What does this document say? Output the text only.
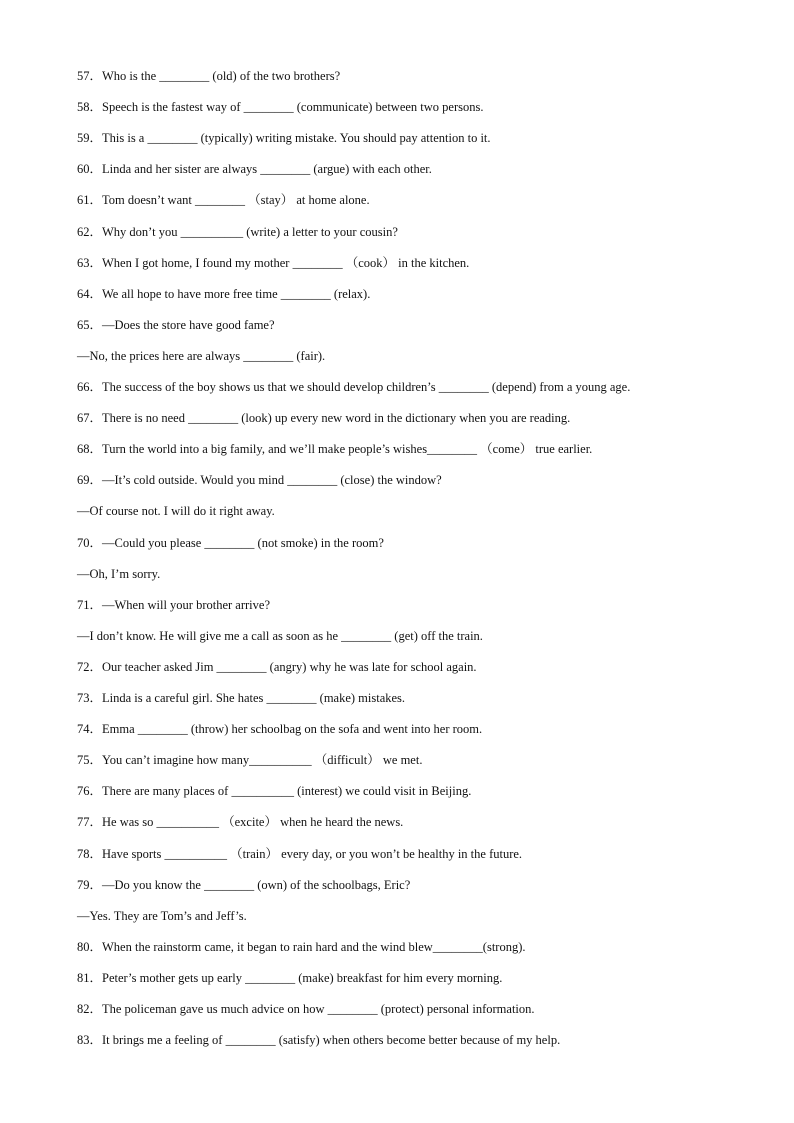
57．Who is the ________ (old) of the two brothers?
58．Speech is the fastest way of ________ (communicate) between two persons.
59．This is a ________ (typically) writing mistake. You should pay attention to it.
60．Linda and her sister are always ________ (argue) with each other.
61．Tom doesn’t want ________ （stay） at home alone.
62．Why don’t you __________ (write) a letter to your cousin?
63．When I got home, I found my mother ________ （cook） in the kitchen.
64．We all hope to have more free time ________ (relax).
65．—Does the store have good fame?
—No, the prices here are always ________ (fair).
66．The success of the boy shows us that we should develop children’s ________ (depend) from a young age.
67．There is no need ________ (look) up every new word in the dictionary when you are reading.
68．Turn the world into a big family, and we’ll make people’s wishes________ （come） true earlier.
69．—It’s cold outside. Would you mind ________ (close) the window?
—Of course not. I will do it right away.
70．—Could you please ________ (not smoke) in the room?
—Oh, I’m sorry.
71．—When will your brother arrive?
—I don’t know. He will give me a call as soon as he ________ (get) off the train.
72．Our teacher asked Jim ________ (angry) why he was late for school again.
73．Linda is a careful girl. She hates ________ (make) mistakes.
74．Emma ________ (throw) her schoolbag on the sofa and went into her room.
75．You can’t imagine how many__________ （difficult） we met.
76．There are many places of __________ (interest) we could visit in Beijing.
77．He was so __________ （excite） when he heard the news.
78．Have sports __________ （train） every day, or you won’t be healthy in the future.
79．—Do you know the ________ (own) of the schoolbags, Eric?
—Yes. They are Tom’s and Jeff’s.
80．When the rainstorm came, it began to rain hard and the wind blew________(strong).
81．Peter’s mother gets up early ________ (make) breakfast for him every morning.
82．The policeman gave us much advice on how ________ (protect) personal information.
83．It brings me a feeling of ________ (satisfy) when others become better because of my help.
